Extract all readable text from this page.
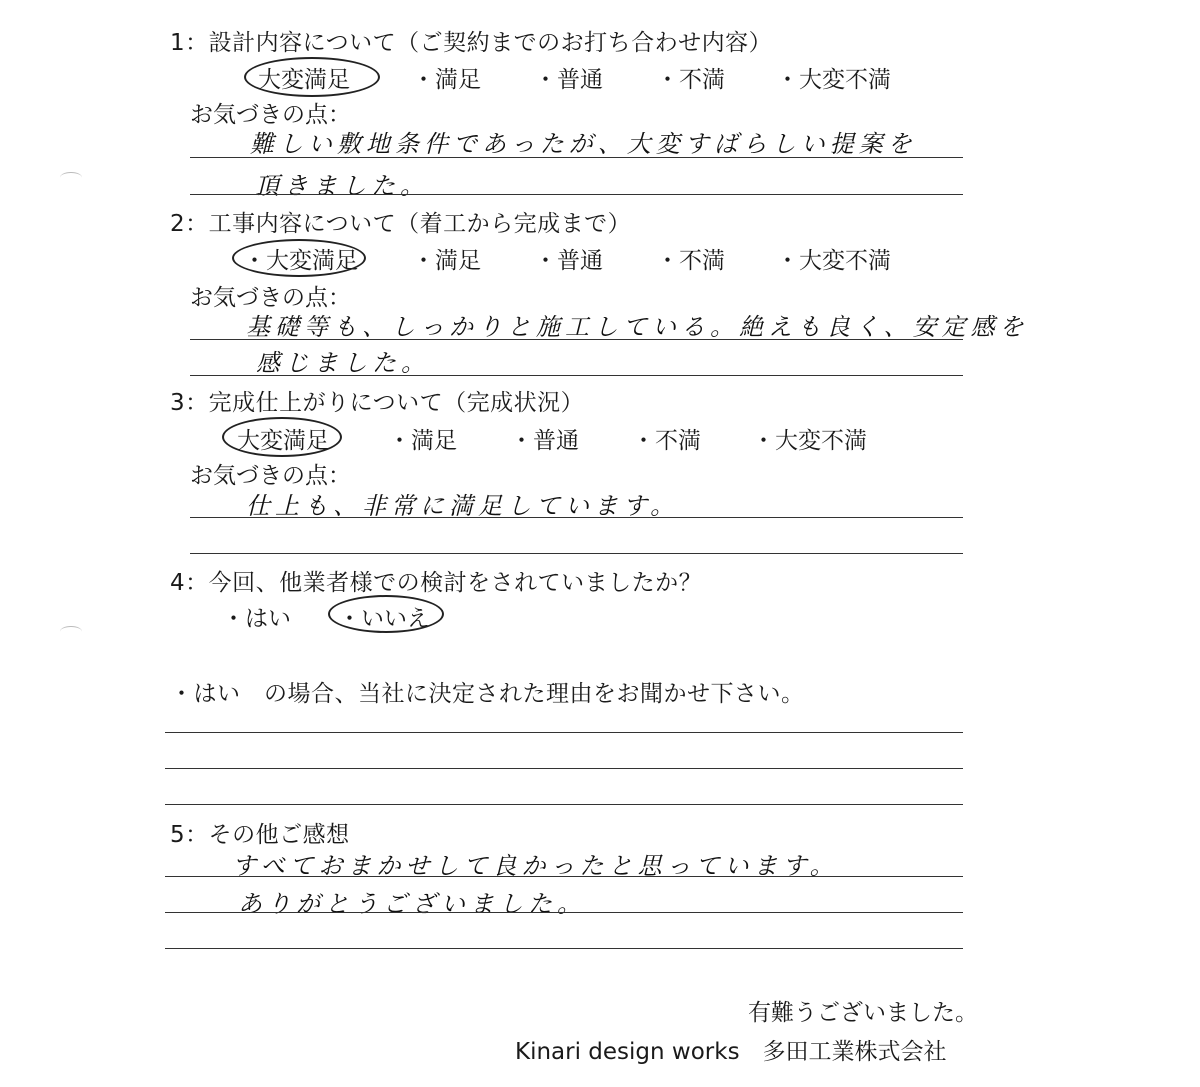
1：設計内容について（ご契約までのお打ち合わせ内容）
大変満足	・満足 ・普通 ・不満 ・大変不満
お気づきの点：
難しい敷地条件であったが、大変すばらしい提案を
頂きました。
2：工事内容について（着工から完成まで）
・大変満足 ・満足 ・普通 ・不満 ・大変不満
お気づきの点：
基礎等も、しっかりと施工している。絶えも良く、安定感を
感じました。
3：完成仕上がりについて（完成状況）
大変満足	・満足 ・普通 ・不満 ・大変不満
お気づきの点：
仕上も、非常に満足しています。
4：今回、他業者様での検討をされていましたか？
・はい ・いいえ
・はい　の場合、当社に決定された理由をお聞かせ下さい。
5：その他ご感想
すべておまかせして良かったと思っています。
ありがとうございました。
有難うございました。
Kinari design works　多田工業株式会社
